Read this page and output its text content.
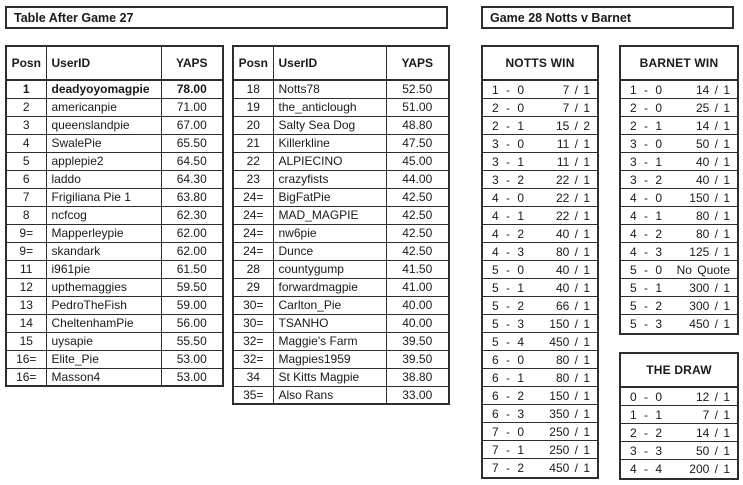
Table After Game 27	Game 28 Notts v Barnet
Posn	UserID	YAPS
1	deadyoyomagpie	78.00
2	americanpie	71.00
3	queenslandpie	67.00
4	SwalePie	65.50
5	applepie2	64.50
6	laddo	64.30
7	Frigiliana Pie 1	63.80
8	ncfcog	62.30
9=	Mapperleypie	62.00
9=	skandark	62.00
11	i961pie	61.50
12	upthemaggies	59.50
13	PedroTheFish	59.00
14	CheltenhamPie	56.00
15	uysapie	55.50
16=	Elite_Pie	53.00
16=	Masson4	53.00
Posn	UserID	YAPS
18	Notts78	52.50
19	the_anticlough	51.00
20	Salty Sea Dog	48.80
21	Killerkline	47.50
22	ALPIECINO	45.00
23	crazyfists	44.00
24=	BigFatPie	42.50
24=	MAD_MAGPIE	42.50
24=	nw6pie	42.50
24=	Dunce	42.50
28	countygump	41.50
29	forwardmagpie	41.00
30=	Carlton_Pie	40.00
30=	TSANHO	40.00
32=	Maggie's Farm	39.50
32=	Magpies1959	39.50
34	St Kitts Magpie	38.80
35=	Also Rans	33.00
NOTTS WIN
1 - 0	7 / 1
2 - 0	7 / 1
2 - 1	15 / 2
3 - 0	11 / 1
3 - 1	11 / 1
3 - 2	22 / 1
4 - 0	22 / 1
4 - 1	22 / 1
4 - 2	40 / 1
4 - 3	80 / 1
5 - 0	40 / 1
5 - 1	40 / 1
5 - 2	66 / 1
5 - 3 150 / 1
5 - 4 450 / 1
6 - 0	80 / 1
6 - 1	80 / 1
6 - 2 150 / 1
6 - 3 350 / 1
7 - 0 250 / 1
7 - 1 250 / 1
7 - 2 450 / 1
BARNET WIN
1 - 0	14 / 1
2 - 0	25 / 1
2 - 1	14 / 1
3 - 0	50 / 1
3 - 1	40 / 1
3 - 2	40 / 1
4 - 0 150 / 1
4 - 1	80 / 1
4 - 2	80 / 1
4 - 3 125 / 1
5 - 0 No Quote
5 - 1 300 / 1
5 - 2 300 / 1
5 - 3 450 / 1
THE DRAW
0 - 0	12 / 1
1 - 1	7 / 1
2 - 2	14 / 1
3 - 3	50 / 1
4 - 4 200 / 1
